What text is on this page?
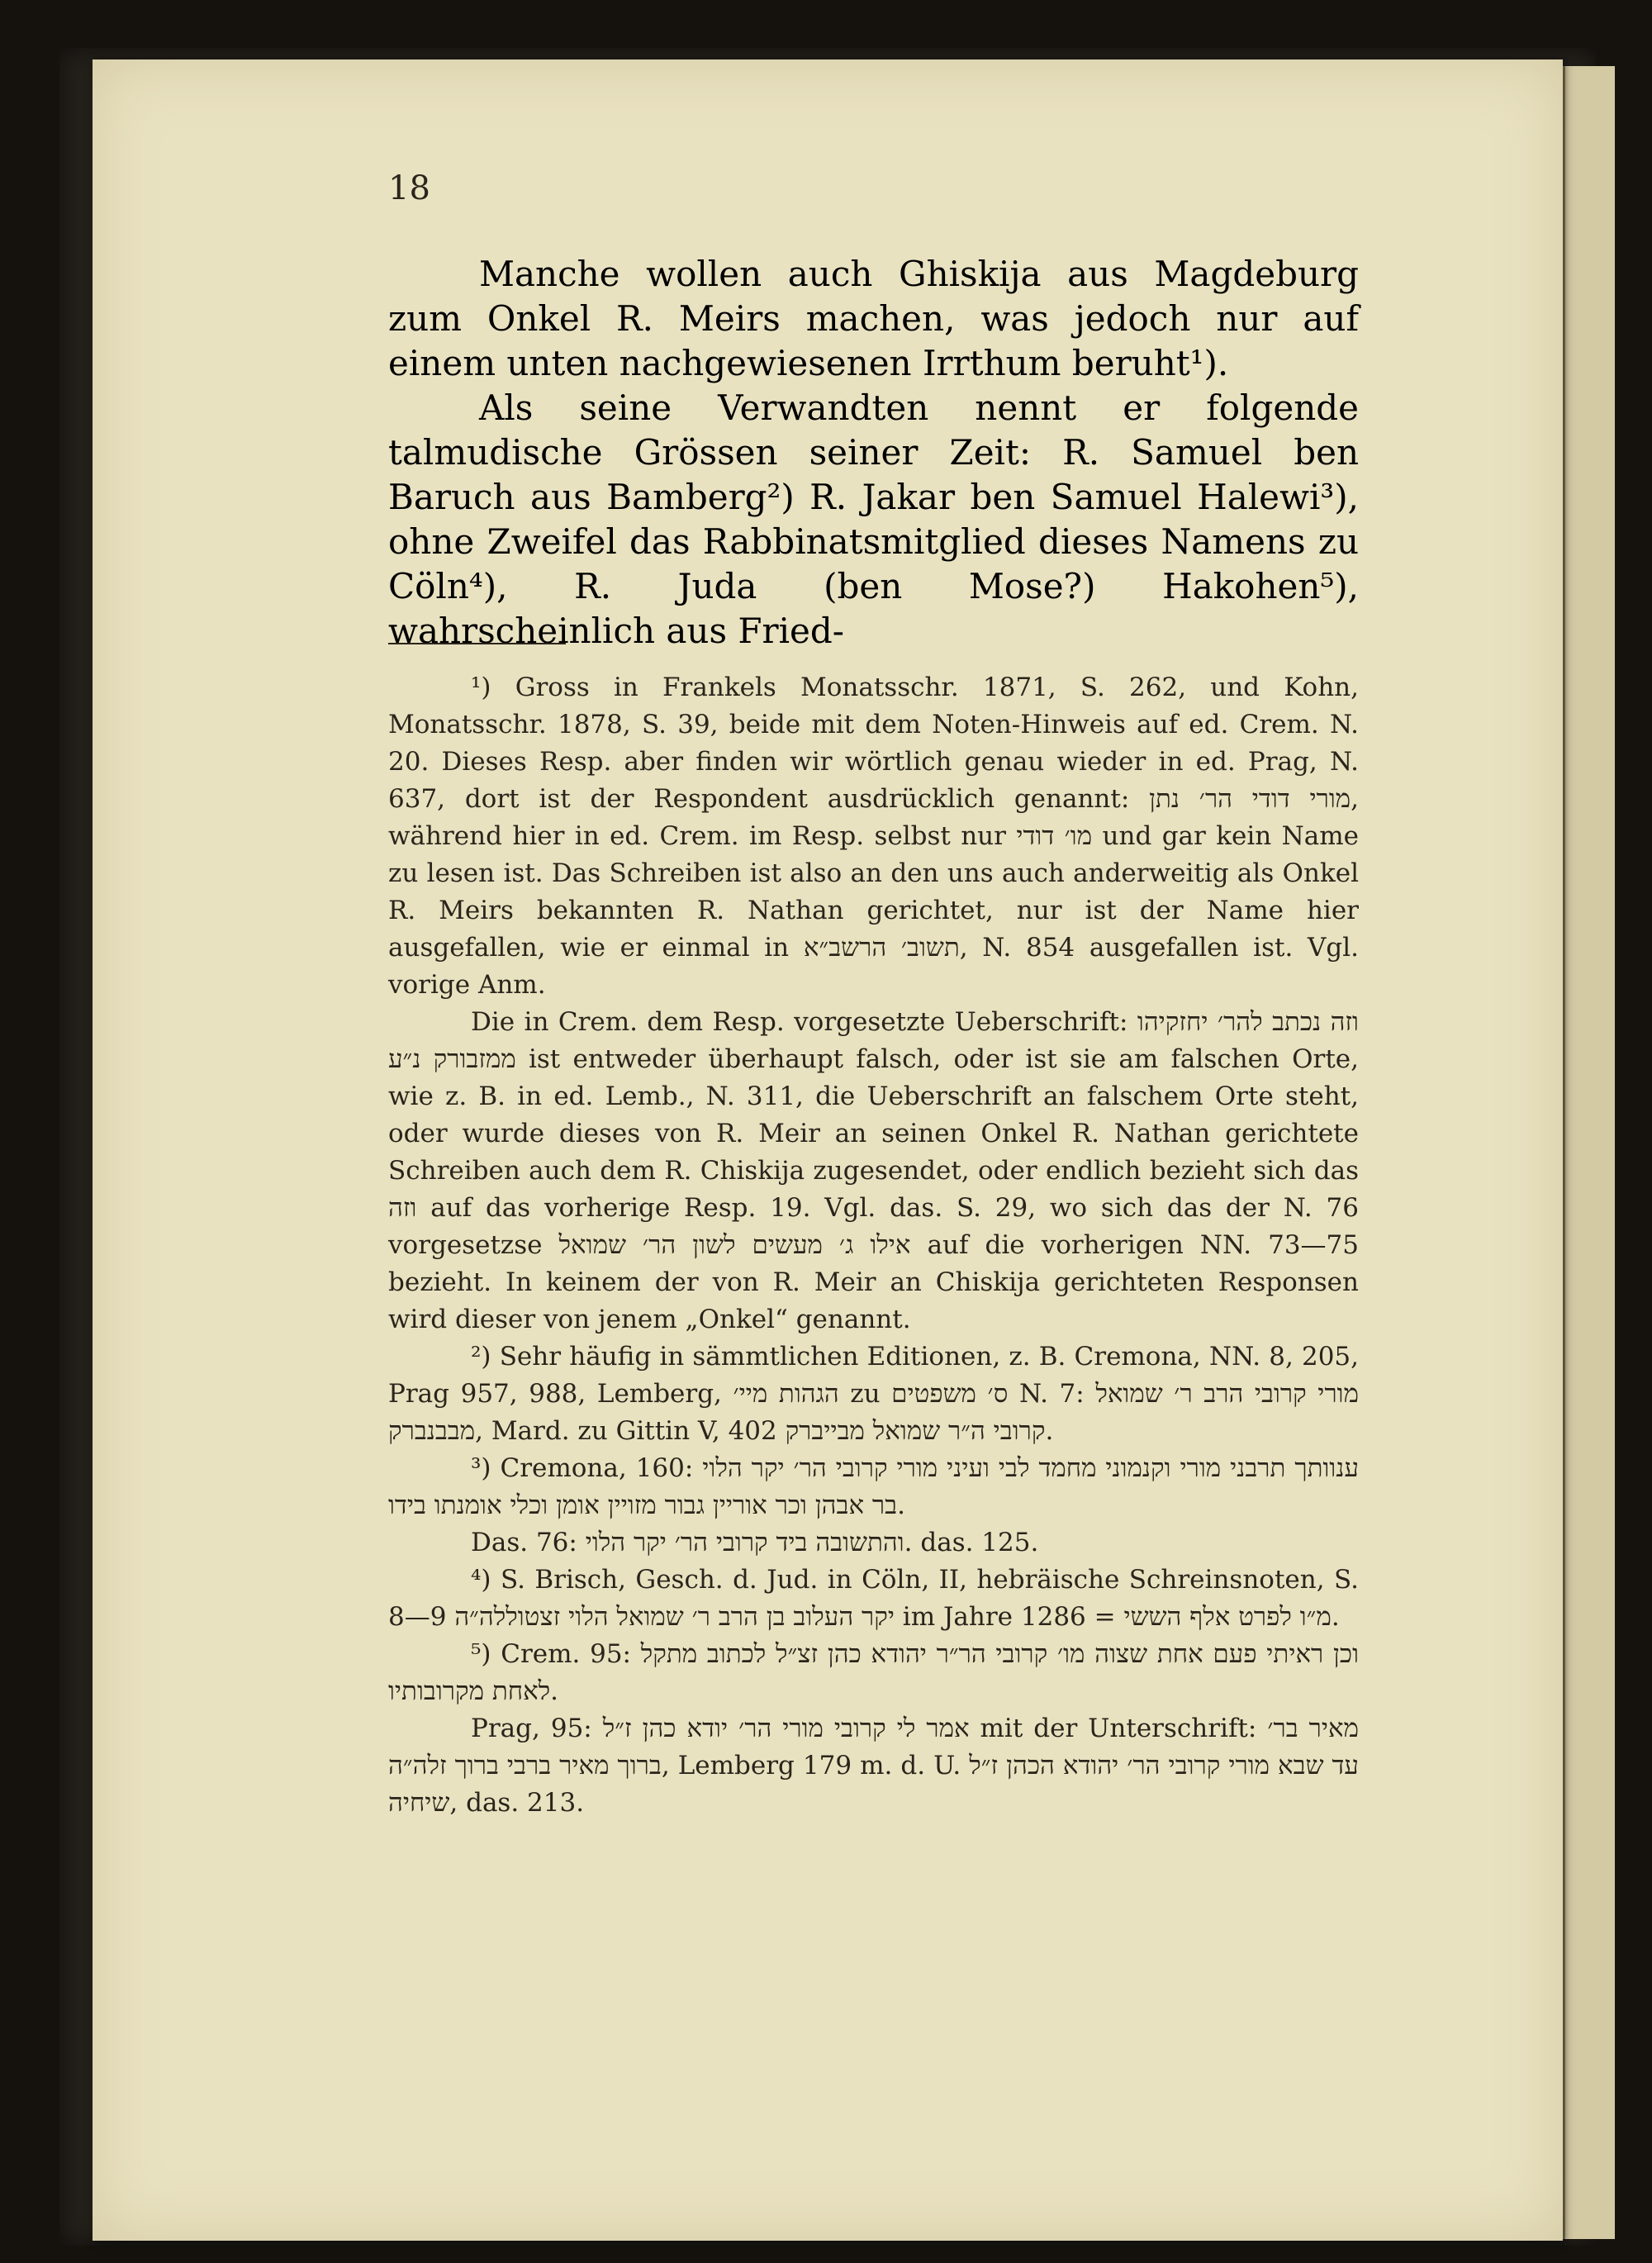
18

Manche wollen auch Ghiskija aus Magdeburg zum Onkel R. Meirs machen, was jedoch nur auf einem unten nachgewiesenen Irrthum beruht¹).

Als seine Verwandten nennt er folgende talmudische Grössen seiner Zeit: R. Samuel ben Baruch aus Bamberg²) R. Jakar ben Samuel Halewi³), ohne Zweifel das Rabbinatsmitglied dieses Namens zu Cöln⁴), R. Juda (ben Mose?) Hakohen⁵), wahrscheinlich aus Fried-

¹) Gross in Frankels Monatsschr. 1871, S. 262, und Kohn, Monatsschr. 1878, S. 39, beide mit dem Noten-Hinweis auf ed. Crem. N. 20. Dieses Resp. aber finden wir wörtlich genau wieder in ed. Prag, N. 637, dort ist der Respondent ausdrücklich genannt: מורי דודי הר׳ נתן, während hier in ed. Crem. im Resp. selbst nur מו׳ דודי und gar kein Name zu lesen ist. Das Schreiben ist also an den uns auch anderweitig als Onkel R. Meirs bekannten R. Nathan gerichtet, nur ist der Name hier ausgefallen, wie er einmal in תשוב׳ הרשב״א, N. 854 ausgefallen ist. Vgl. vorige Anm.

Die in Crem. dem Resp. vorgesetzte Ueberschrift: וזה נכתב להר׳ יחזקיהו ממזבורק נ״ע ist entweder überhaupt falsch, oder ist sie am falschen Orte, wie z. B. in ed. Lemb., N. 311, die Ueberschrift an falschem Orte steht, oder wurde dieses von R. Meir an seinen Onkel R. Nathan gerichtete Schreiben auch dem R. Chiskija zugesendet, oder endlich bezieht sich das וזה auf das vorherige Resp. 19. Vgl. das. S. 29, wo sich das der N. 76 vorgesetzse אילו ג׳ מעשים לשון הר׳ שמואל auf die vorherigen NN. 73—75 bezieht. In keinem der von R. Meir an Chiskija gerichteten Responsen wird dieser von jenem „Onkel“ genannt.

²) Sehr häufig in sämmtlichen Editionen, z. B. Cremona, NN. 8, 205, Prag 957, 988, Lemberg, הגהות מיי׳ zu ס׳ משפטים N. 7: מורי קרובי הרב ר׳ שמואל מבבנברק, Mard. zu Gittin V, 402 קרובי ה״ר שמואל מבייברק.

³) Cremona, 160: ענוותך תרבני מורי וקנמוני מחמד לבי ועיני מורי קרובי הר׳ יקר הלוי בר אבהן וכר אוריין גבור מזויין אומן וכלי אומנתו בידו.

Das. 76: והתשובה ביד קרובי הר׳ יקר הלוי. das. 125.

⁴) S. Brisch, Gesch. d. Jud. in Cöln, II, hebräische Schreinsnoten, S. 8—9 יקר העלוב בן הרב ר׳ שמואל הלוי זצטוללה״ה im Jahre מ״ו לפרט אלף הששי = 1286.

⁵) Crem. 95: וכן ראיתי פעם אחת שצוה מו׳ קרובי הר״ר יהודא כהן זצ״ל לכתוב מתקל לאחת מקרובותיו.

Prag, 95: אמר לי קרובי מורי הר׳ יודא כהן ז״ל mit der Unterschrift: מאיר בר׳ ברוך מאיר ברבי ברוך זלה״ה, Lemberg 179 m. d. U. עד שבא מורי קרובי הר׳ יהודא הכהן ז״ל שיחיה, das. 213.
